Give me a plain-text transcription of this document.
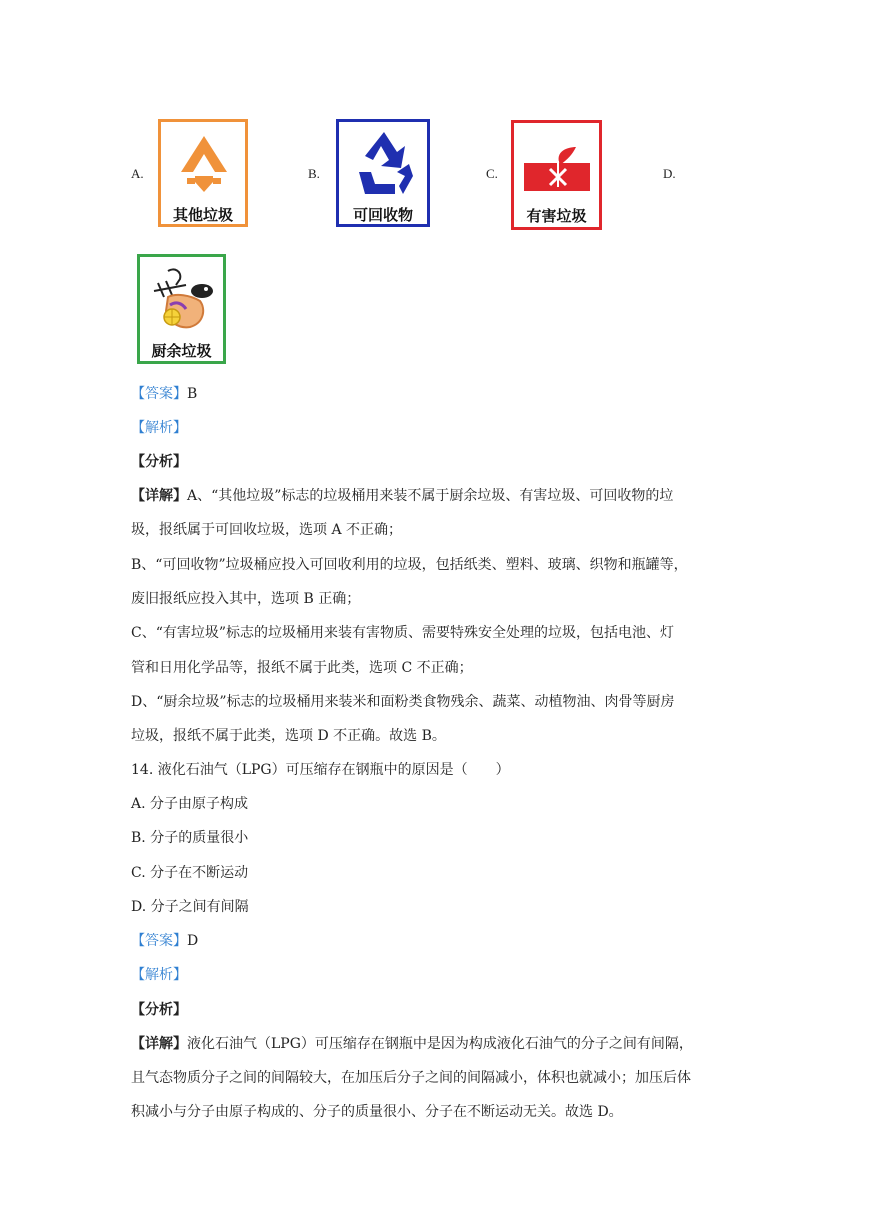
A.
其他垃圾
B.
可回收物
C.
有害垃圾
D.
厨余垃圾
【答案】B
【解析】
【分析】
【详解】A、“其他垃圾”标志的垃圾桶用来装不属于厨余垃圾、有害垃圾、可回收物的垃
圾，报纸属于可回收垃圾，选项 A 不正确；
B、“可回收物”垃圾桶应投入可回收利用的垃圾，包括纸类、塑料、玻璃、织物和瓶罐等，
废旧报纸应投入其中，选项 B 正确；
C、“有害垃圾”标志的垃圾桶用来装有害物质、需要特殊安全处理的垃圾，包括电池、灯
管和日用化学品等，报纸不属于此类，选项 C 不正确；
D、“厨余垃圾”标志的垃圾桶用来装米和面粉类食物残余、蔬菜、动植物油、肉骨等厨房
垃圾，报纸不属于此类，选项 D 不正确。故选 B。
14. 液化石油气（LPG）可压缩存在钢瓶中的原因是（　　）
A. 分子由原子构成
B. 分子的质量很小
C. 分子在不断运动
D. 分子之间有间隔
【答案】D
【解析】
【分析】
【详解】液化石油气（LPG）可压缩存在钢瓶中是因为构成液化石油气的分子之间有间隔，
且气态物质分子之间的间隔较大，在加压后分子之间的间隔减小，体积也就减小；加压后体
积减小与分子由原子构成的、分子的质量很小、分子在不断运动无关。故选 D。
